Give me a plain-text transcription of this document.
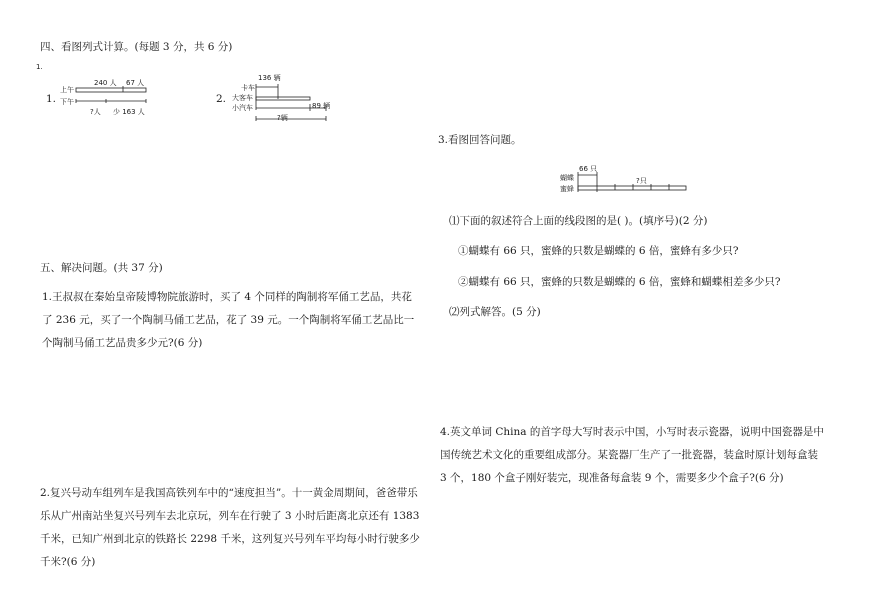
四、看图列式计算。(每题 3 分，共 6 分)
1.
1.
上午
下午
240 人 67 人
?人 少 163 人
2.
卡车
大客车
小汽车
136 辆
89 辆
?辆
3.看图回答问题。
66 只
蝴蝶
蜜蜂
?只
⑴下面的叙述符合上面的线段图的是( )。(填序号)(2 分)
①蝴蝶有 66 只，蜜蜂的只数是蝴蝶的 6 倍，蜜蜂有多少只?
②蝴蝶有 66 只，蜜蜂的只数是蝴蝶的 6 倍，蜜蜂和蝴蝶相差多少只?
⑵列式解答。(5 分)
五、解决问题。(共 37 分)
1.王叔叔在秦始皇帝陵博物院旅游时，买了 4 个同样的陶制将军俑工艺品，共花了 236 元，买了一个陶制马俑工艺品，花了 39 元。一个陶制将军俑工艺品比一个陶制马俑工艺品贵多少元?(6 分)
2.复兴号动车组列车是我国高铁列车中的“速度担当”。十一黄金周期间，爸爸带乐乐从广州南站坐复兴号列车去北京玩，列车在行驶了 3 小时后距离北京还有 1383 千米，已知广州到北京的铁路长 2298 千米，这列复兴号列车平均每小时行驶多少千米?(6 分)
4.英文单词 China 的首字母大写时表示中国，小写时表示瓷器，说明中国瓷器是中国传统艺术文化的重要组成部分。某瓷器厂生产了一批瓷器，装盒时原计划每盒装 3 个，180 个盒子刚好装完，现准备每盒装 9 个，需要多少个盒子?(6 分)
